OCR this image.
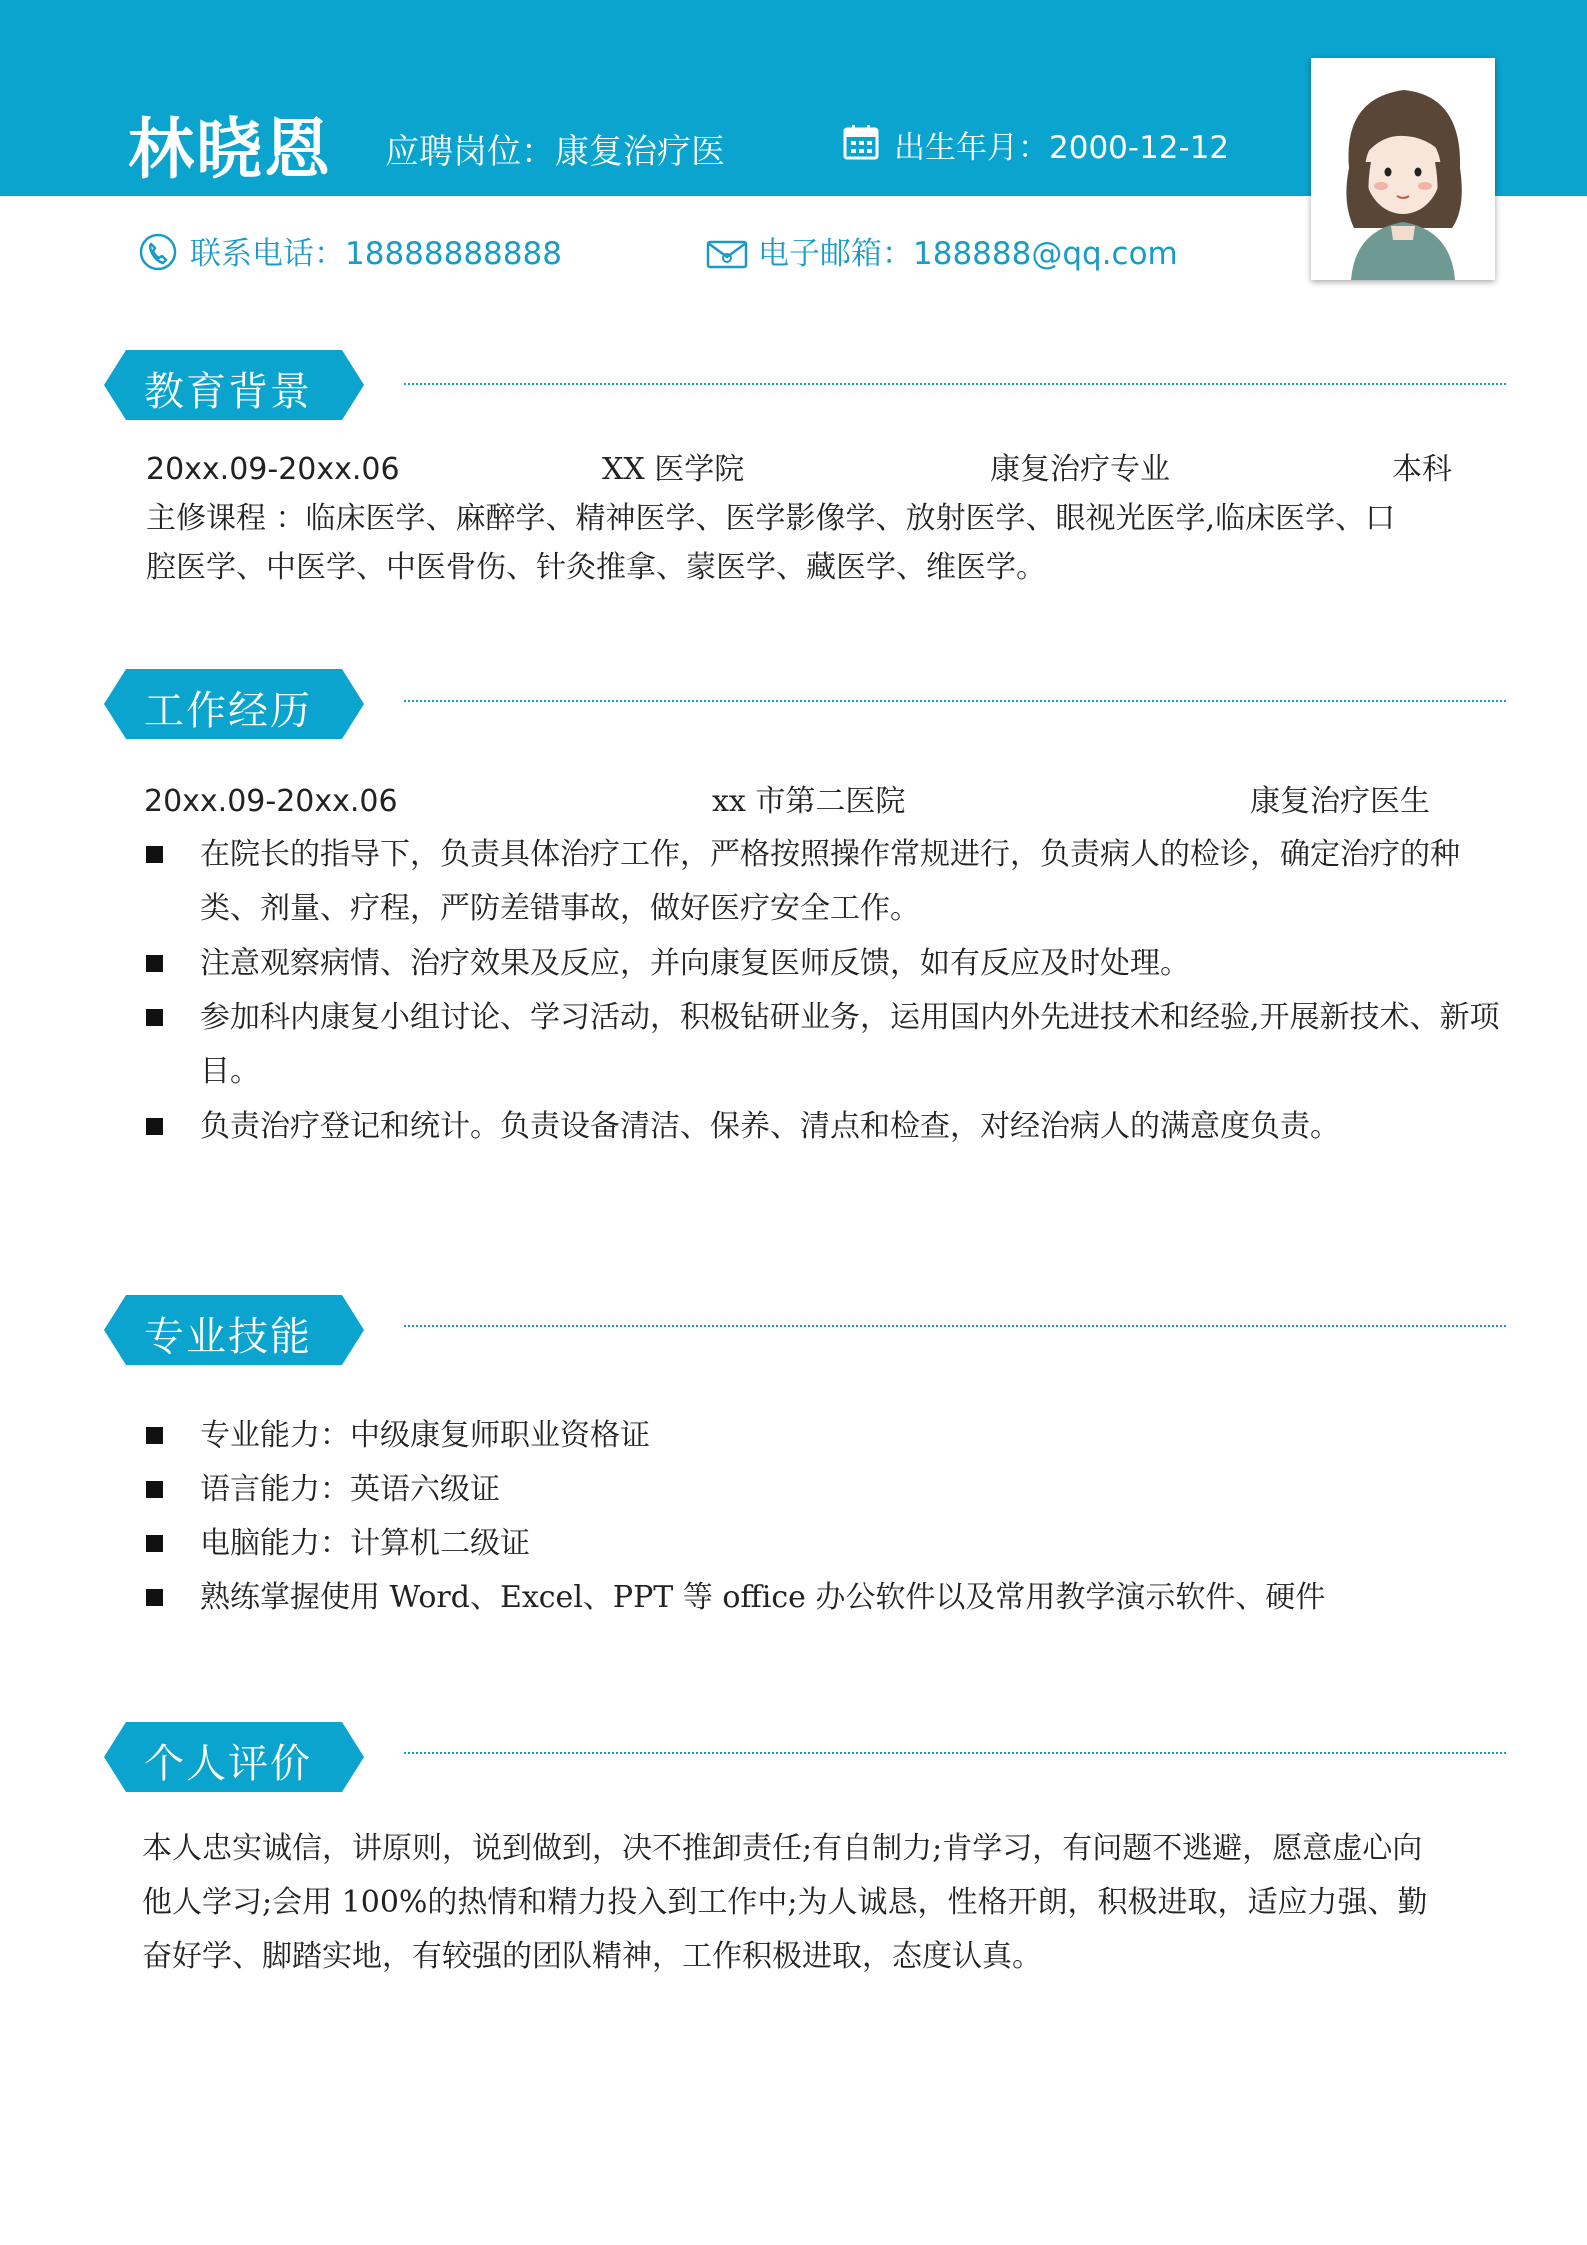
林晓恩 应聘岗位：康复治疗医	出生年月：2000-12-12
联系电话：18888888888	电子邮箱：188888@qq.com
教育背景
20xx.09-20xx.06	XX 医学院	康复治疗专业	本科
主修课程 ：临床医学、麻醉学、精神医学、医学影像学、放射医学、眼视光医学,临床医学、口
腔医学、中医学、中医骨伤、针灸推拿、蒙医学、藏医学、维医学。
工作经历
20xx.09-20xx.06	xx 市第二医院	康复治疗医生
在院长的指导下，负责具体治疗工作，严格按照操作常规进行，负责病人的检诊，确定治疗的种类、剂量、疗程，严防差错事故，做好医疗安全工作。
注意观察病情、治疗效果及反应，并向康复医师反馈，如有反应及时处理。
参加科内康复小组讨论、学习活动，积极钻研业务，运用国内外先进技术和经验,开展新技术、新项目。
负责治疗登记和统计。负责设备清洁、保养、清点和检查，对经治病人的满意度负责。
专业技能
专业能力：中级康复师职业资格证
语言能力：英语六级证
电脑能力：计算机二级证
熟练掌握使用 Word、Excel、PPT 等 office 办公软件以及常用教学演示软件、硬件
个人评价
本人忠实诚信，讲原则，说到做到，决不推卸责任;有自制力;肯学习，有问题不逃避，愿意虚心向
他人学习;会用 100%的热情和精力投入到工作中;为人诚恳，性格开朗，积极进取，适应力强、勤
奋好学、脚踏实地，有较强的团队精神，工作积极进取，态度认真。
